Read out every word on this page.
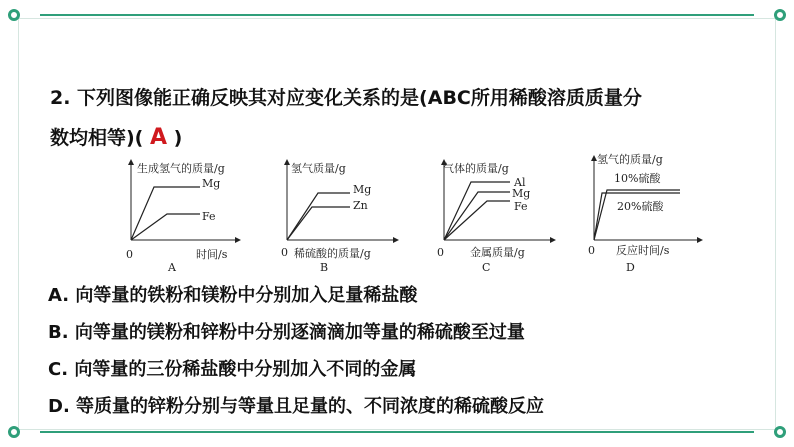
2. 下列图像能正确反映其对应变化关系的是(ABC所用稀酸溶质质量分
数均相等)( A )
生成氢气的质量/g
时间/s
0
Mg
Fe
A
氢气质量/g
稀硫酸的质量/g
0
Mg
Zn
B
气体的质量/g
金属质量/g
0
Al
Mg
Fe
C
氢气的质量/g
反应时间/s
0
10%硫酸
20%硫酸
D
A. 向等量的铁粉和镁粉中分别加入足量稀盐酸
B. 向等量的镁粉和锌粉中分别逐滴滴加等量的稀硫酸至过量
C. 向等量的三份稀盐酸中分别加入不同的金属
D. 等质量的锌粉分别与等量且足量的、不同浓度的稀硫酸反应
